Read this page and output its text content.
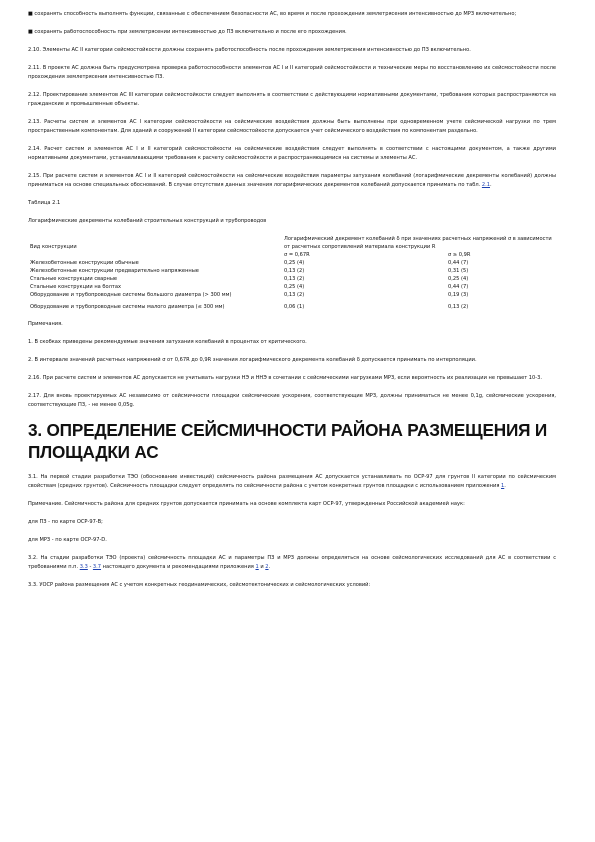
■ сохранять способность выполнять функции, связанные с обеспечением безопасности АС, во время и после прохождения землетрясения интенсивностью до МРЗ включительно;

■ сохранять работоспособность при землетрясении интенсивностью до ПЗ включительно и после его прохождения.

2.10. Элементы АС II категории сейсмостойкости должны сохранять работоспособность после прохождения землетрясения интенсивностью до ПЗ включительно.

2.11. В проекте АС должна быть предусмотрена проверка работоспособности элементов АС I и II категорий сейсмостойкости и технические меры по восстановлению их сейсмостойкости после прохождения землетрясения интенсивностью ПЗ.

2.12. Проектирование элементов АС III категории сейсмостойкости следует выполнять в соответствии с действующими нормативными документами, требования которых распространяются на гражданские и промышленные объекты.

2.13. Расчеты систем и элементов АС I категории сейсмостойкости на сейсмические воздействия должны быть выполнены при одновременном учете сейсмической нагрузки по трем пространственным компонентам. Для зданий и сооружений II категории сейсмостойкости допускается учет сейсмического воздействия по компонентам раздельно.

2.14. Расчет систем и элементов АС I и II категорий сейсмостойкости на сейсмические воздействия следует выполнять в соответствии с настоящими документом, а также другими нормативными документами, устанавливающими требования к расчету сейсмостойкости и распространяющимися на системы и элементы АС.

2.15. При расчете систем и элементов АС I и II категорий сейсмостойкости на сейсмические воздействия параметры затухания колебаний (логарифмические декременты колебаний) должны приниматься на основе специальных обоснований. В случае отсутствия данных значения логарифмических декрементов колебаний допускается принимать по табл. 2.1.

Таблица 2.1

Логарифмические декременты колебаний строительных конструкций и трубопроводов

Вид конструкции	Логарифмический декремент колебаний δ при значениях расчетных напряжений σ в зависимости от расчетных сопротивлений материала конструкции R	
	σ = 0,67R	σ ≥ 0,9R
Железобетонные конструкции обычные	0,25 (4)	0,44 (7)
Железобетонные конструкции предварительно напряженные	0,13 (2)	0,31 (5)
Стальные конструкции сварные	0,13 (2)	0,25 (4)
Стальные конструкции на болтах	0,25 (4)	0,44 (7)
Оборудование и трубопроводные системы большого диаметра (> 300 мм)	0,13 (2)	0,19 (3)
Оборудование и трубопроводные системы малого диаметра (≤ 300 мм)	0,06 (1)	0,13 (2)

Примечания.

1. В скобках приведены рекомендуемые значения затухания колебаний в процентах от критического.

2. В интервале значений расчетных напряжений σ от 0,67R до 0,9R значения логарифмического декремента колебаний δ допускается принимать по интерполяции.

2.16. При расчете систем и элементов АС допускается не учитывать нагрузки НЭ и ННЭ в сочетании с сейсмическими нагрузками МРЗ, если вероятность их реализации не превышает 10-3.

2.17. Для вновь проектируемых АС независимо от сейсмичности площадки сейсмические ускорения, соответствующие МРЗ, должны приниматься не менее 0,1g, сейсмические ускорения, соответствующие ПЗ, - не менее 0,05g.

3. ОПРЕДЕЛЕНИЕ СЕЙСМИЧНОСТИ РАЙОНА РАЗМЕЩЕНИЯ И ПЛОЩАДКИ АС

3.1. На первой стадии разработки ТЭО (обоснование инвестиций) сейсмичность района размещения АС допускается устанавливать по ОСР-97 для грунтов II категории по сейсмическим свойствам (средних грунтов). Сейсмичность площадки следует определять по сейсмичности района с учетом конкретных грунтов площадки с использованием приложения 1.

Примечание. Сейсмичность района для средних грунтов допускается принимать на основе комплекта карт ОСР-97, утвержденных Российской академией наук:

для ПЗ - по карте ОСР-97-В;

для МРЗ - по карте ОСР-97-D.

3.2. На стадии разработки ТЭО (проекта) сейсмичность площадки АС и параметры ПЗ и МРЗ должны определяться на основе сейсмологических исследований для АС в соответствии с требованиями п.п. 3.3 - 3.7 настоящего документа и рекомендациями приложения 1 и 2.

3.3. УОСР района размещения АС с учетом конкретных геодинамических, сейсмотектонических и сейсмологических условий:
